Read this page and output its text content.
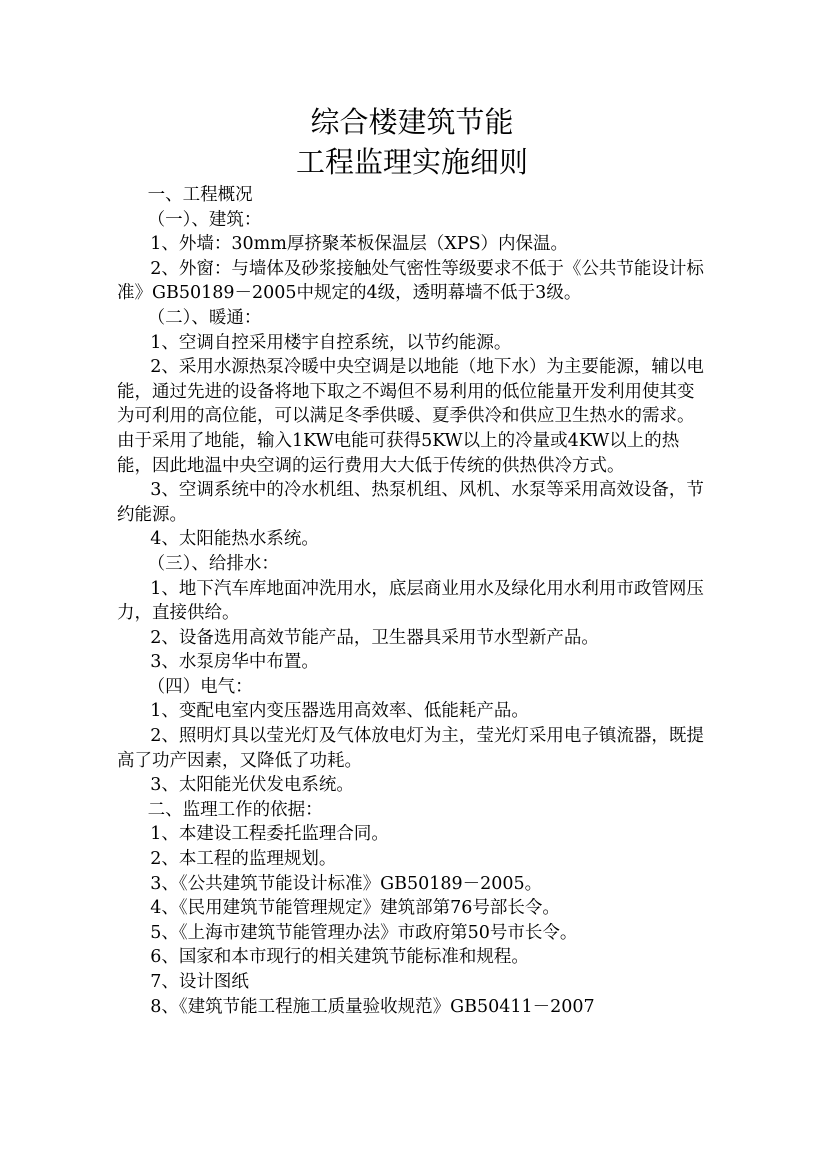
综合楼建筑节能
工程监理实施细则

一、工程概况

（一）、建筑：

1、外墙：30mm厚挤聚苯板保温层（XPS）内保温。

2、外窗：与墙体及砂浆接触处气密性等级要求不低于《公共节能设计标准》GB50189－2005中规定的4级，透明幕墙不低于3级。

（二）、暖通：

1、空调自控采用楼宇自控系统，以节约能源。

2、采用水源热泵冷暖中央空调是以地能（地下水）为主要能源，辅以电能，通过先进的设备将地下取之不竭但不易利用的低位能量开发利用使其变为可利用的高位能，可以满足冬季供暖、夏季供冷和供应卫生热水的需求。由于采用了地能，输入1KW电能可获得5KW以上的冷量或4KW以上的热能，因此地温中央空调的运行费用大大低于传统的供热供冷方式。

3、空调系统中的冷水机组、热泵机组、风机、水泵等采用高效设备，节约能源。

4、太阳能热水系统。

（三）、给排水：

1、地下汽车库地面冲洗用水，底层商业用水及绿化用水利用市政管网压力，直接供给。

2、设备选用高效节能产品，卫生器具采用节水型新产品。

3、水泵房华中布置。

（四）电气：

1、变配电室内变压器选用高效率、低能耗产品。

2、照明灯具以莹光灯及气体放电灯为主，莹光灯采用电子镇流器，既提高了功产因素，又降低了功耗。

3、太阳能光伏发电系统。

二、监理工作的依据：

1、本建设工程委托监理合同。

2、本工程的监理规划。

3、《公共建筑节能设计标准》GB50189－2005。

4、《民用建筑节能管理规定》建筑部第76号部长令。

5、《上海市建筑节能管理办法》市政府第50号市长令。

6、国家和本市现行的相关建筑节能标准和规程。

7、设计图纸

8、《建筑节能工程施工质量验收规范》GB50411－2007
